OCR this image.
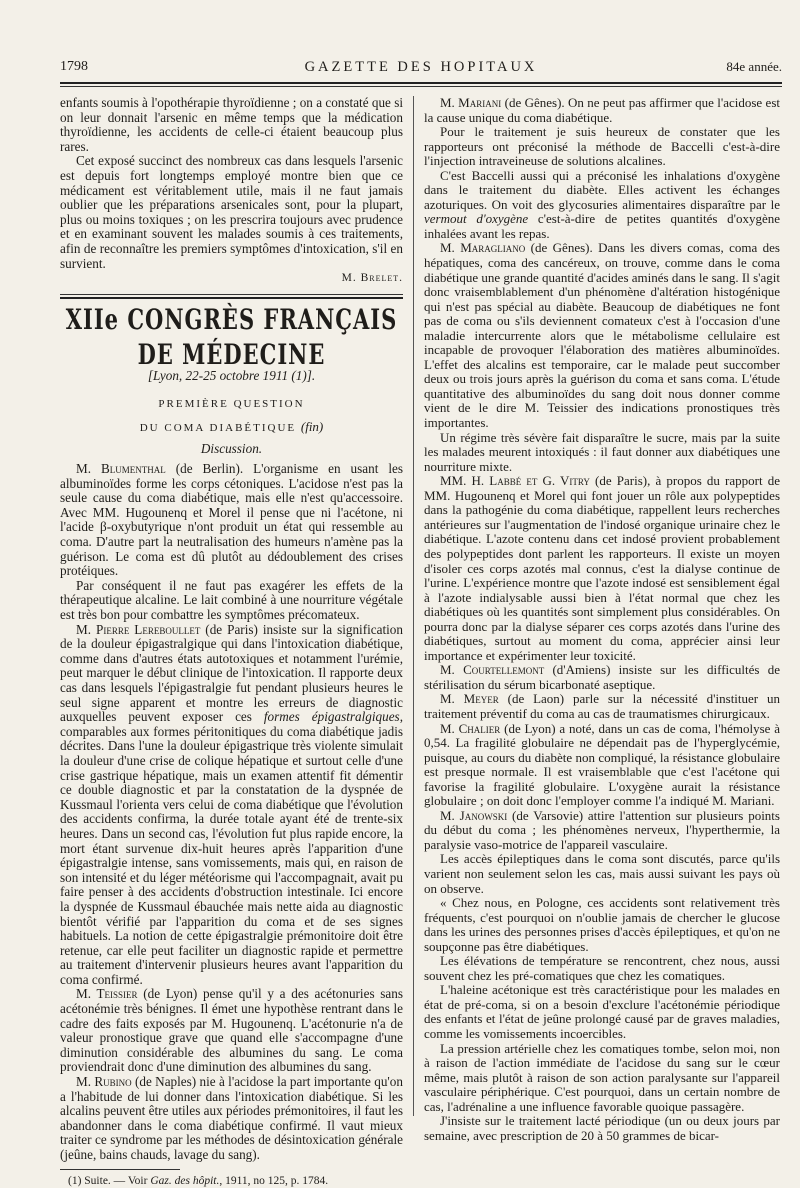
1798	GAZETTE DES HOPITAUX	84e année.

enfants soumis à l'opothérapie thyroïdienne ; on a constaté que si on leur donnait l'arsenic en même temps que la médication thyroïdienne, les accidents de celle-ci étaient beaucoup plus rares.

Cet exposé succinct des nombreux cas dans lesquels l'arsenic est depuis fort longtemps employé montre bien que ce médicament est véritablement utile, mais il ne faut jamais oublier que les préparations arsenicales sont, pour la plupart, plus ou moins toxiques ; on les prescrira toujours avec prudence et en examinant souvent les malades soumis à ces traitements, afin de reconnaître les premiers symptômes d'intoxication, s'il en survient.

M. Brelet.
XIIe CONGRÈS FRANÇAIS DE MÉDECINE
[Lyon, 22-25 octobre 1911 (1)].
PREMIÈRE QUESTION
DU COMA DIABÉTIQUE (fin)
Discussion.

M. Blumenthal (de Berlin). L'organisme en usant les albuminoïdes forme les corps cétoniques. L'acidose n'est pas la seule cause du coma diabétique, mais elle n'est qu'accessoire. Avec MM. Hugounenq et Morel il pense que ni l'acétone, ni l'acide β-oxybutyrique n'ont produit un état qui ressemble au coma. D'autre part la neutralisation des humeurs n'amène pas la guérison. Le coma est dû plutôt au dédoublement des crises protéiques.

Par conséquent il ne faut pas exagérer les effets de la thérapeutique alcaline. Le lait combiné à une nourriture végétale est très bon pour combattre les symptômes précomateux.

M. Pierre Lereboullet (de Paris) insiste sur la signification de la douleur épigastralgique qui dans l'intoxication diabétique, comme dans d'autres états autotoxiques et notamment l'urémie, peut marquer le début clinique de l'intoxication. Il rapporte deux cas dans lesquels l'épigastralgie fut pendant plusieurs heures le seul signe apparent et montre les erreurs de diagnostic auxquelles peuvent exposer ces formes épigastralgiques, comparables aux formes péritonitiques du coma diabétique jadis décrites. Dans l'une la douleur épigastrique très violente simulait la douleur d'une crise de colique hépatique et surtout celle d'une crise gastrique hépatique, mais un examen attentif fit démentir ce double diagnostic et par la constatation de la dyspnée de Kussmaul l'orienta vers celui de coma diabétique que l'évolution des accidents confirma, la durée totale ayant été de trente-six heures. Dans un second cas, l'évolution fut plus rapide encore, la mort étant survenue dix-huit heures après l'apparition d'une épigastralgie intense, sans vomissements, mais qui, en raison de son intensité et du léger météorisme qui l'accompagnait, avait pu faire penser à des accidents d'obstruction intestinale. Ici encore la dyspnée de Kussmaul ébauchée mais nette aida au diagnostic bientôt vérifié par l'apparition du coma et de ses signes habituels. La notion de cette épigastralgie prémonitoire doit être retenue, car elle peut faciliter un diagnostic rapide et permettre au traitement d'intervenir plusieurs heures avant l'apparition du coma confirmé.

M. Teissier (de Lyon) pense qu'il y a des acétonuries sans acétonémie très bénignes. Il émet une hypothèse rentrant dans le cadre des faits exposés par M. Hugounenq. L'acétonurie n'a de valeur pronostique grave que quand elle s'accompagne d'une diminution considérable des albumines du sang. Le coma proviendrait donc d'une diminution des albumines du sang.

M. Rubino (de Naples) nie à l'acidose la part importante qu'on a l'habitude de lui donner dans l'intoxication diabétique. Si les alcalins peuvent être utiles aux périodes prémonitoires, il faut les abandonner dans le coma diabétique confirmé. Il vaut mieux traiter ce syndrome par les méthodes de désintoxication générale (jeûne, bains chauds, lavage du sang).

(1) Suite. — Voir Gaz. des hôpit., 1911, no 125, p. 1784.

M. Mariani (de Gênes). On ne peut pas affirmer que l'acidose est la cause unique du coma diabétique.

Pour le traitement je suis heureux de constater que les rapporteurs ont préconisé la méthode de Baccelli c'est-à-dire l'injection intraveineuse de solutions alcalines.

C'est Baccelli aussi qui a préconisé les inhalations d'oxygène dans le traitement du diabète. Elles activent les échanges azoturiques. On voit des glycosuries alimentaires disparaître par le vermout d'oxygène c'est-à-dire de petites quantités d'oxygène inhalées avant les repas.

M. Maragliano (de Gênes). Dans les divers comas, coma des hépatiques, coma des cancéreux, on trouve, comme dans le coma diabétique une grande quantité d'acides aminés dans le sang. Il s'agit donc vraisemblablement d'un phénomène d'altération histogénique qui n'est pas spécial au diabète. Beaucoup de diabétiques ne font pas de coma ou s'ils deviennent comateux c'est à l'occasion d'une maladie intercurrente alors que le métabolisme cellulaire est incapable de provoquer l'élaboration des matières albuminoïdes. L'effet des alcalins est temporaire, car le malade peut succomber deux ou trois jours après la guérison du coma et sans coma. L'étude quantitative des albuminoïdes du sang doit nous donner comme vient de le dire M. Teissier des indications pronostiques très importantes.

Un régime très sévère fait disparaître le sucre, mais par la suite les malades meurent intoxiqués : il faut donner aux diabétiques une nourriture mixte.

MM. H. Labbé et G. Vitry (de Paris), à propos du rapport de MM. Hugounenq et Morel qui font jouer un rôle aux polypeptides dans la pathogénie du coma diabétique, rappellent leurs recherches antérieures sur l'augmentation de l'indosé organique urinaire chez le diabétique. L'azote contenu dans cet indosé provient probablement des polypeptides dont parlent les rapporteurs. Il existe un moyen d'isoler ces corps azotés mal connus, c'est la dialyse continue de l'urine. L'expérience montre que l'azote indosé est sensiblement égal à l'azote indialysable aussi bien à l'état normal que chez les diabétiques où les quantités sont simplement plus considérables. On pourra donc par la dialyse séparer ces corps azotés dans l'urine des diabétiques, surtout au moment du coma, apprécier ainsi leur importance et expérimenter leur toxicité.

M. Courtellemont (d'Amiens) insiste sur les difficultés de stérilisation du sérum bicarbonaté aseptique.

M. Meyer (de Laon) parle sur la nécessité d'instituer un traitement préventif du coma au cas de traumatismes chirurgicaux.

M. Chalier (de Lyon) a noté, dans un cas de coma, l'hémolyse à 0,54. La fragilité globulaire ne dépendait pas de l'hyperglycémie, puisque, au cours du diabète non compliqué, la résistance globulaire est presque normale. Il est vraisemblable que c'est l'acétone qui favorise la fragilité globulaire. L'oxygène aurait la résistance globulaire ; on doit donc l'employer comme l'a indiqué M. Mariani.

M. Janowski (de Varsovie) attire l'attention sur plusieurs points du début du coma ; les phénomènes nerveux, l'hyperthermie, la paralysie vaso-motrice de l'appareil vasculaire.

Les accès épileptiques dans le coma sont discutés, parce qu'ils varient non seulement selon les cas, mais aussi suivant les pays où on observe.

« Chez nous, en Pologne, ces accidents sont relativement très fréquents, c'est pourquoi on n'oublie jamais de chercher le glucose dans les urines des personnes prises d'accès épileptiques, et qu'on ne soupçonne pas être diabétiques.

Les élévations de température se rencontrent, chez nous, aussi souvent chez les pré-comatiques que chez les comatiques.

L'haleine acétonique est très caractéristique pour les malades en état de pré-coma, si on a besoin d'exclure l'acétonémie périodique des enfants et l'état de jeûne prolongé causé par de graves maladies, comme les vomissements incoercibles.

La pression artérielle chez les comatiques tombe, selon moi, non à raison de l'action immédiate de l'acidose du sang sur le cœur même, mais plutôt à raison de son action paralysante sur l'appareil vasculaire périphérique. C'est pourquoi, dans un certain nombre de cas, l'adrénaline a une influence favorable quoique passagère.

J'insiste sur le traitement lacté périodique (un ou deux jours par semaine, avec prescription de 20 à 50 grammes de bicar-
